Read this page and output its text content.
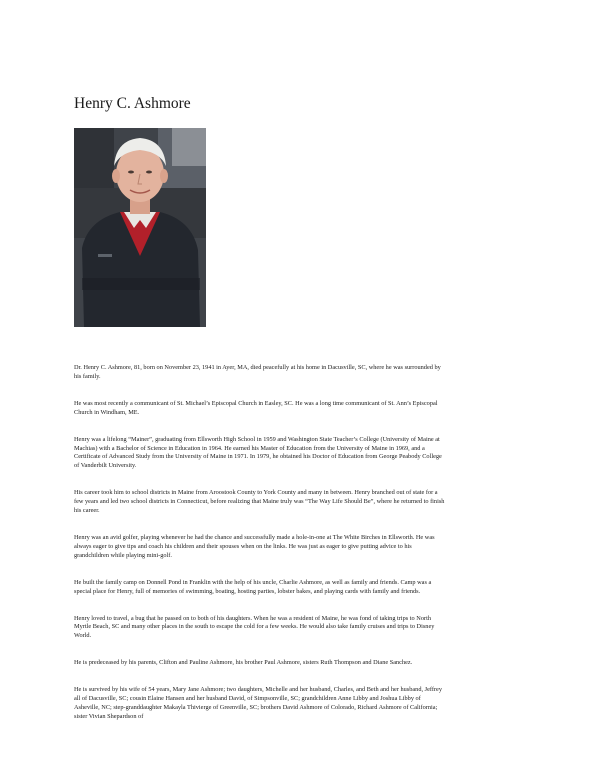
Henry C. Ashmore

Dr. Henry C. Ashmore, 81, born on November 23, 1941 in Ayer, MA, died peacefully at his home in Dacusville, SC, where he was surrounded by his family.

He was most recently a communicant of St. Michael’s Episcopal Church in Easley, SC. He was a long time communicant of St. Ann’s Episcopal Church in Windham, ME.

Henry was a lifelong “Mainer”, graduating from Ellsworth High School in 1959 and Washington State Teacher’s College (University of Maine at Machias) with a Bachelor of Science in Education in 1964. He earned his Master of Education from the University of Maine in 1969, and a Certificate of Advanced Study from the University of Maine in 1971. In 1979, he obtained his Doctor of Education from George Peabody College of Vanderbilt University.

His career took him to school districts in Maine from Aroostook County to York County and many in between. Henry branched out of state for a few years and led two school districts in Connecticut, before realizing that Maine truly was “The Way Life Should Be”, where he returned to finish his career.

Henry was an avid golfer, playing whenever he had the chance and successfully made a hole-in-one at The White Birches in Ellsworth. He was always eager to give tips and coach his children and their spouses when on the links. He was just as eager to give putting advice to his grandchildren while playing mini-golf.

He built the family camp on Donnell Pond in Franklin with the help of his uncle, Charlie Ashmore, as well as family and friends. Camp was a special place for Henry, full of memories of swimming, boating, hosting parties, lobster bakes, and playing cards with family and friends.

Henry loved to travel, a bug that he passed on to both of his daughters. When he was a resident of Maine, he was fond of taking trips to North Myrtle Beach, SC and many other places in the south to escape the cold for a few weeks. He would also take family cruises and trips to Disney World.

He is predeceased by his parents, Clifton and Pauline Ashmore, his brother Paul Ashmore, sisters Ruth Thompson and Diane Sanchez.

He is survived by his wife of 54 years, Mary Jane Ashmore; two daughters, Michelle and her husband, Charles, and Beth and her husband, Jeffrey all of Dacusville, SC; cousin Elaine Hansen and her husband David, of Simpsonville, SC; grandchildren Anne Libby and Joshua Libby of Asheville, NC; step-granddaughter Makayla Thivierge of Greenville, SC; brothers David Ashmore of Colorado, Richard Ashmore of California; sister Vivian Shepardson of
